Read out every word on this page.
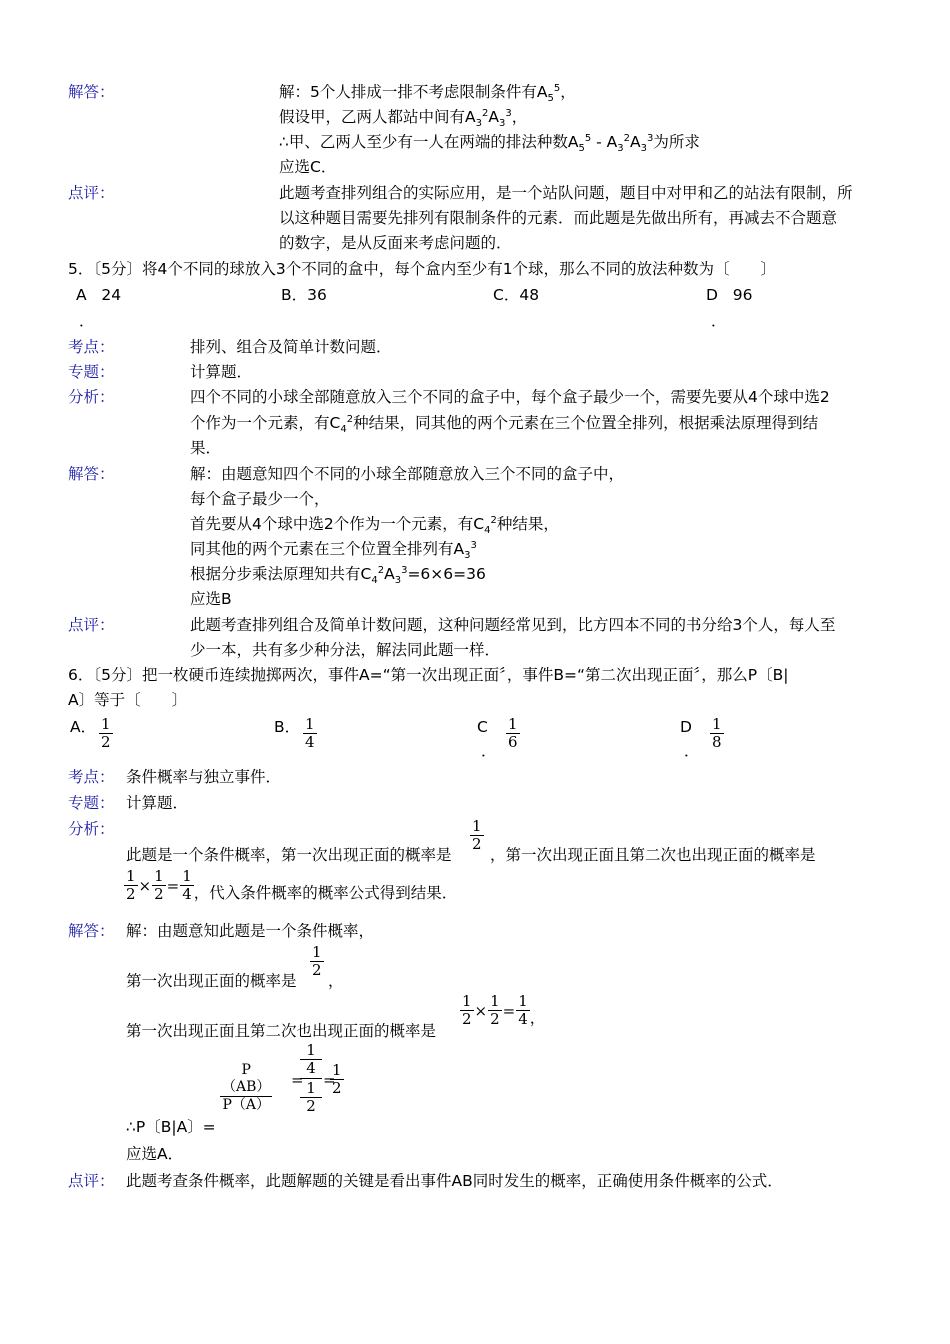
解答：	解：5个人排成一排不考虑限制条件有$A_5^5$，
假设甲，乙两人都站中间有$A_3^2A_3^3$，
∴甲、乙两人至少有一人在两端的排法种数$A_5^5 - A_3^2A_3^3$为所求
应选C．
点评：	此题考查排列组合的实际应用，是一个站队问题，题目中对甲和乙的站法有限制，所
以这种题目需要先排列有限制条件的元素．而此题是先做出所有，再减去不合题意
的数字，是从反面来考虑问题的．
5．〔5分〕将4个不同的球放入3个不同的盒中，每个盒内至少有1个球，那么不同的放法种数为〔　　〕
A 24
．
B．36	C．48	D 96
．
考点：	排列、组合及简单计数问题．
专题：	计算题．
分析：	四个不同的小球全部随意放入三个不同的盒子中，每个盒子最少一个，需要先要从4个球中选2
个作为一个元素，有$C_4^2$种结果，同其他的两个元素在三个位置全排列，根据乘法原理得到结
果．
解答：	解：由题意知四个不同的小球全部随意放入三个不同的盒子中，
每个盒子最少一个，
首先要从4个球中选2个作为一个元素，有$C_4^2$种结果，
同其他的两个元素在三个位置全排列有$A_3^3$
根据分步乘法原理知共有$C_4^2A_3^3=6\times 6=36$
应选B
点评：	此题考查排列组合及简单计数问题，这种问题经常见到，比方四本不同的书分给3个人，每人至
少一本，共有多少种分法，解法同此题一样．
6．〔5分〕把一枚硬币连续抛掷两次，事件A=“第一次出现正面〞，事件B=“第二次出现正面〞，那么P〔B|
A〕等于〔　　〕
A． $\frac{1}{2}$	B． $\frac{1}{4}$	C
． $\frac{1}{6}$	D
． $\frac{1}{8}$
考点： 条件概率与独立事件．
专题： 计算题．
分析：
此题是一个条件概率，第一次出现正面的概率是
$\frac{1}{2}$
，第一次出现正面且第二次也出现正面的概率是
$\frac{1}{2} \times \frac{1}{2} = \frac{1}{4}$ ，代入条件概率的概率公式得到结果．
解答： 解：由题意知此题是一个条件概率，
第一次出现正面的概率是
$\frac{1}{2}$
，
第一次出现正面且第二次也出现正面的概率是
$\frac{1}{2} \times \frac{1}{2} = \frac{1}{4}$ ，
$\frac{P(AB)}{P(A)}$ =
1
4
1
2
=
$\frac{1}{2}$
∴P〔B|A〕=
应选A．
点评： 此题考查条件概率，此题解题的关键是看出事件AB同时发生的概率，正确使用条件概率的公式．
